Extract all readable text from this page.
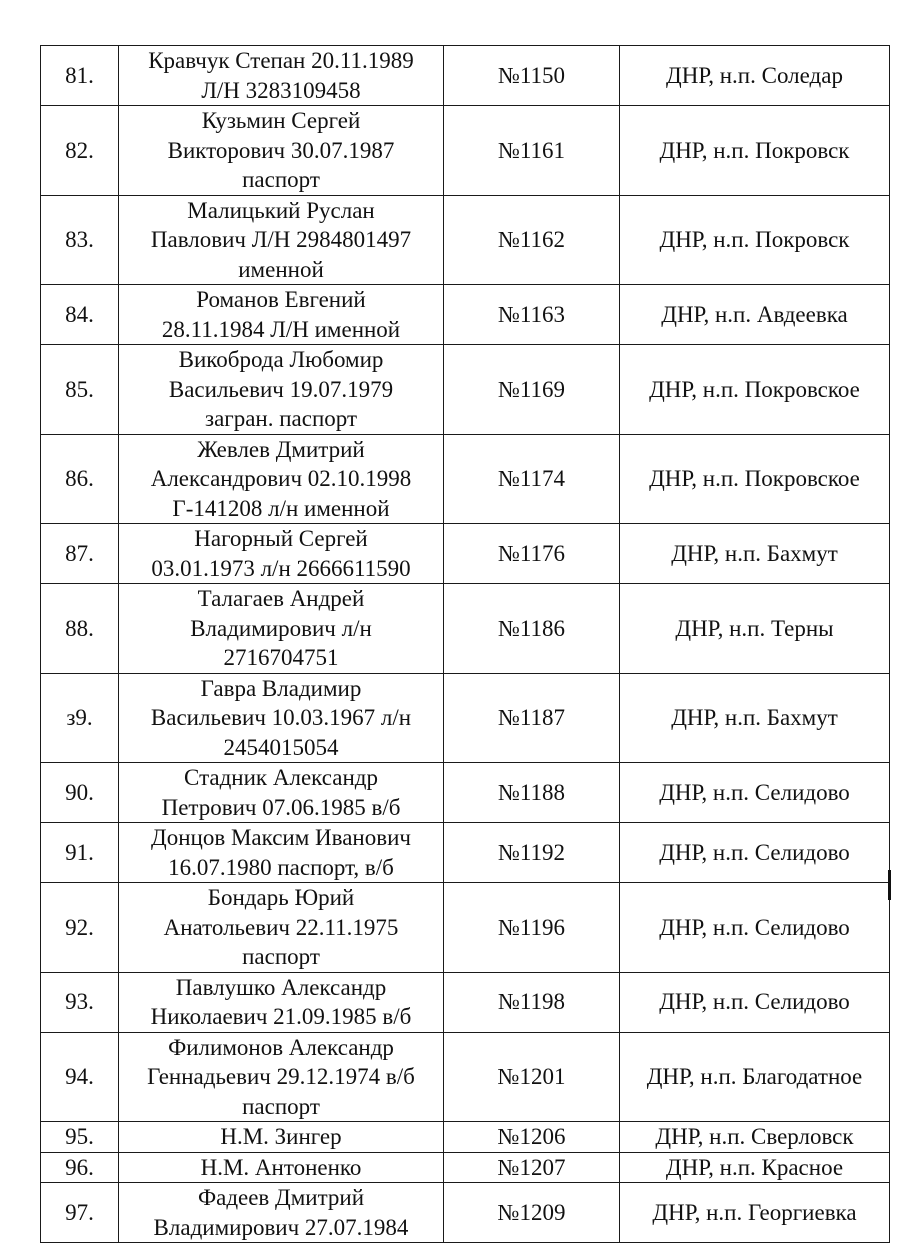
81.	Кравчук Степан 20.11.1989
Л/Н 3283109458	№1150	ДНР, н.п. Соледар
82.	Кузьмин Сергей
Викторович 30.07.1987
паспорт	№1161	ДНР, н.п. Покровск
83.	Малицький Руслан
Павлович Л/Н 2984801497
именной	№1162	ДНР, н.п. Покровск
84.	Романов Евгений
28.11.1984 Л/Н именной	№1163	ДНР, н.п. Авдеевка
85.	Викоброда Любомир
Васильевич 19.07.1979
загран. паспорт	№1169	ДНР, н.п. Покровское
86.	Жевлев Дмитрий
Александрович 02.10.1998
Г-141208 л/н именной	№1174	ДНР, н.п. Покровское
87.	Нагорный Сергей
03.01.1973 л/н 2666611590	№1176	ДНР, н.п. Бахмут
88.	Талагаев Андрей
Владимирович л/н
2716704751	№1186	ДНР, н.п. Терны
з9.	Гавра Владимир
Васильевич 10.03.1967 л/н
2454015054	№1187	ДНР, н.п. Бахмут
90.	Стадник Александр
Петрович 07.06.1985 в/б	№1188	ДНР, н.п. Селидово
91.	Донцов Максим Иванович
16.07.1980 паспорт, в/б	№1192	ДНР, н.п. Селидово
92.	Бондарь Юрий
Анатольевич 22.11.1975
паспорт	№1196	ДНР, н.п. Селидово
93.	Павлушко Александр
Николаевич 21.09.1985 в/б	№1198	ДНР, н.п. Селидово
94.	Филимонов Александр
Геннадьевич 29.12.1974 в/б
паспорт	№1201	ДНР, н.п. Благодатное
95.	Н.М. Зингер	№1206	ДНР, н.п. Сверловск
96.	Н.М. Антоненко	№1207	ДНР, н.п. Красное
97.	Фадеев Дмитрий
Владимирович 27.07.1984	№1209	ДНР, н.п. Георгиевка
